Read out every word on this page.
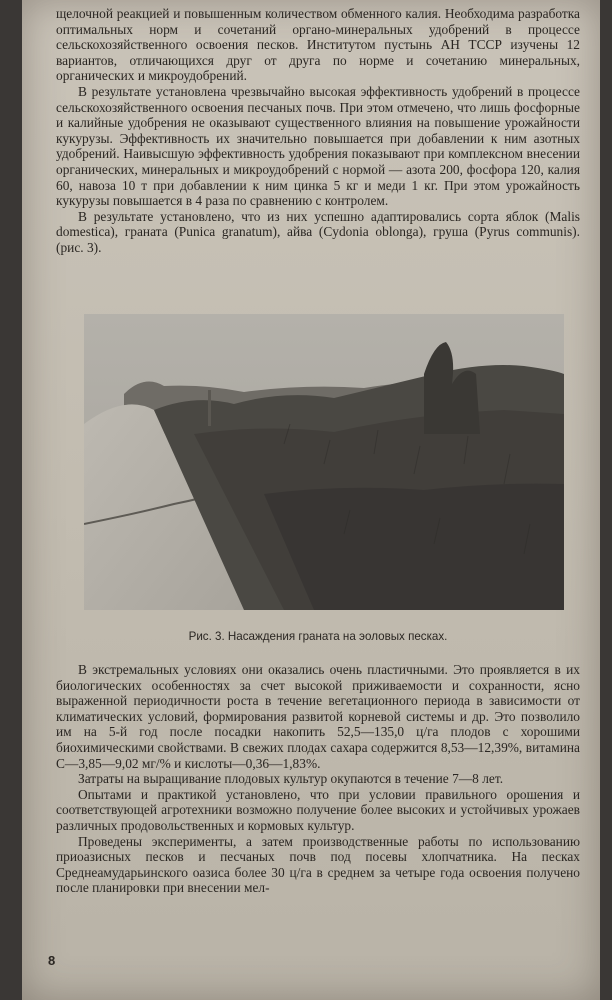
щелочной реакцией и повышенным количеством обменного калия. Необходима разработка оптимальных норм и сочетаний органо-минеральных удобрений в процессе сельскохозяйственного освоения песков. Институтом пустынь АН ТССР изучены 12 вариантов, отличающихся друг от друга по норме и сочетанию минеральных, органических и микроудобрений.

В результате установлена чрезвычайно высокая эффективность удобрений в процессе сельскохозяйственного освоения песчаных почв. При этом отмечено, что лишь фосфорные и калийные удобрения не оказывают существенного влияния на повышение урожайности кукурузы. Эффективность их значительно повышается при добавлении к ним азотных удобрений. Наивысшую эффективность удобрения показывают при комплексном внесении органических, минеральных и микроудобрений с нормой — азота 200, фосфора 120, калия 60, навоза 10 т при добавлении к ним цинка 5 кг и меди 1 кг. При этом урожайность кукурузы повышается в 4 раза по сравнению с контролем.

В результате установлено, что из них успешно адаптировались сорта яблок (Malis domestica), граната (Punica granatum), айва (Cydonia oblonga), груша (Pyrus communis). (рис. 3).

Рис. 3. Насаждения граната на эоловых песках.

В экстремальных условиях они оказались очень пластичными. Это проявляется в их биологических особенностях за счет высокой приживаемости и сохранности, ясно выраженной периодичности роста в течение вегетационного периода в зависимости от климатических условий, формирования развитой корневой системы и др. Это позволило им на 5-й год после посадки накопить 52,5—135,0 ц/га плодов с хорошими биохимическими свойствами. В свежих плодах сахара содержится 8,53—12,39%, витамина С—3,85—9,02 мг/% и кислоты—0,36—1,83%.

Затраты на выращивание плодовых культур окупаются в течение 7—8 лет.

Опытами и практикой установлено, что при условии правильного орошения и соответствующей агротехники возможно получение более высоких и устойчивых урожаев различных продовольственных и кормовых культур.

Проведены эксперименты, а затем производственные работы по использованию приоазисных песков и песчаных почв под посевы хлопчатника. На песках Среднеамударьинского оазиса более 30 ц/га в среднем за четыре года освоения получено после планировки при внесении мел-

8
